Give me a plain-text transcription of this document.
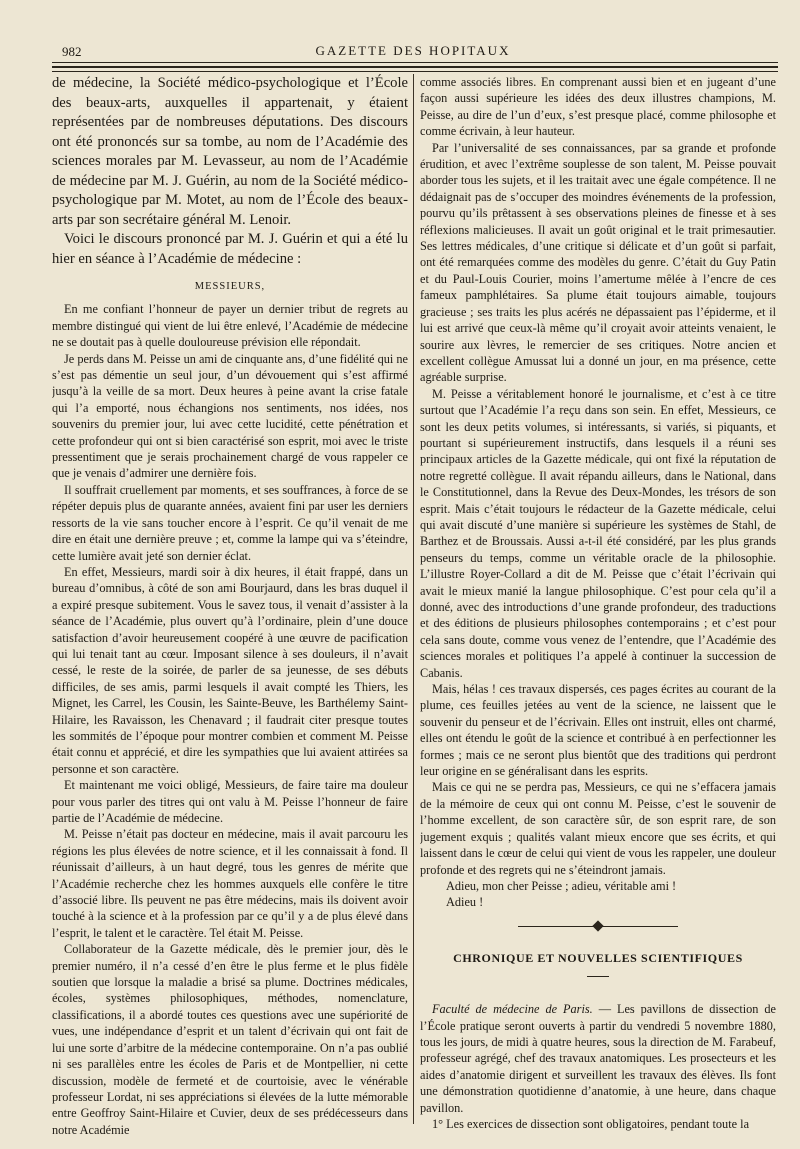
982	GAZETTE DES HOPITAUX

de médecine, la Société médico-psychologique et l’École des beaux-arts, auxquelles il appartenait, y étaient représentées par de nombreuses députations. Des discours ont été prononcés sur sa tombe, au nom de l’Académie des sciences morales par M. Levasseur, au nom de l’Académie de médecine par M. J. Guérin, au nom de la Société médico-psychologique par M. Motet, au nom de l’École des beaux-arts par son secrétaire général M. Lenoir.

Voici le discours prononcé par M. J. Guérin et qui a été lu hier en séance à l’Académie de médecine :

MESSIEURS,

En me confiant l’honneur de payer un dernier tribut de regrets au membre distingué qui vient de lui être enlevé, l’Académie de médecine ne se doutait pas à quelle douloureuse prévision elle répondait.

Je perds dans M. Peisse un ami de cinquante ans, d’une fidélité qui ne s’est pas démentie un seul jour, d’un dévouement qui s’est affirmé jusqu’à la veille de sa mort. Deux heures à peine avant la crise fatale qui l’a emporté, nous échangions nos sentiments, nos idées, nos souvenirs du premier jour, lui avec cette lucidité, cette pénétration et cette profondeur qui ont si bien caractérisé son esprit, moi avec le triste pressentiment que je serais prochainement chargé de vous rappeler ce que je venais d’admirer une dernière fois.

Il souffrait cruellement par moments, et ses souffrances, à force de se répéter depuis plus de quarante années, avaient fini par user les derniers ressorts de la vie sans toucher encore à l’esprit. Ce qu’il venait de me dire en était une dernière preuve ; et, comme la lampe qui va s’éteindre, cette lumière avait jeté son dernier éclat.

En effet, Messieurs, mardi soir à dix heures, il était frappé, dans un bureau d’omnibus, à côté de son ami Bourjaurd, dans les bras duquel il a expiré presque subitement. Vous le savez tous, il venait d’assister à la séance de l’Académie, plus ouvert qu’à l’ordinaire, plein d’une douce satisfaction d’avoir heureusement coopéré à une œuvre de pacification qui lui tenait tant au cœur. Imposant silence à ses douleurs, il n’avait cessé, le reste de la soirée, de parler de sa jeunesse, de ses débuts difficiles, de ses amis, parmi lesquels il avait compté les Thiers, les Mignet, les Carrel, les Cousin, les Sainte-Beuve, les Barthélemy Saint-Hilaire, les Ravaisson, les Chenavard ; il faudrait citer presque toutes les sommités de l’époque pour montrer combien et comment M. Peisse était connu et apprécié, et dire les sympathies que lui avaient attirées sa personne et son caractère.

Et maintenant me voici obligé, Messieurs, de faire taire ma douleur pour vous parler des titres qui ont valu à M. Peisse l’honneur de faire partie de l’Académie de médecine.

M. Peisse n’était pas docteur en médecine, mais il avait parcouru les régions les plus élevées de notre science, et il les connaissait à fond. Il réunissait d’ailleurs, à un haut degré, tous les genres de mérite que l’Académie recherche chez les hommes auxquels elle confère le titre d’associé libre. Ils peuvent ne pas être médecins, mais ils doivent avoir touché à la science et à la profession par ce qu’il y a de plus élevé dans l’esprit, le talent et le caractère. Tel était M. Peisse.

Collaborateur de la Gazette médicale, dès le premier jour, dès le premier numéro, il n’a cessé d’en être le plus ferme et le plus fidèle soutien que lorsque la maladie a brisé sa plume. Doctrines médicales, écoles, systèmes philosophiques, méthodes, nomenclature, classifications, il a abordé toutes ces questions avec une supériorité de vues, une indépendance d’esprit et un talent d’écrivain qui ont fait de lui une sorte d’arbitre de la médecine contemporaine. On n’a pas oublié ni ses parallèles entre les écoles de Paris et de Montpellier, ni cette discussion, modèle de fermeté et de courtoisie, avec le vénérable professeur Lordat, ni ses appréciations si élevées de la lutte mémorable entre Geoffroy Saint-Hilaire et Cuvier, deux de ses prédécesseurs dans notre Académie

comme associés libres. En comprenant aussi bien et en jugeant d’une façon aussi supérieure les idées des deux illustres champions, M. Peisse, au dire de l’un d’eux, s’est presque placé, comme philosophe et comme écrivain, à leur hauteur.

Par l’universalité de ses connaissances, par sa grande et profonde érudition, et avec l’extrême souplesse de son talent, M. Peisse pouvait aborder tous les sujets, et il les traitait avec une égale compétence. Il ne dédaignait pas de s’occuper des moindres événements de la profession, pourvu qu’ils prêtassent à ses observations pleines de finesse et à ses réflexions malicieuses. Il avait un goût original et le trait primesautier. Ses lettres médicales, d’une critique si délicate et d’un goût si parfait, ont été remarquées comme des modèles du genre. C’était du Guy Patin et du Paul-Louis Courier, moins l’amertume mêlée à l’encre de ces fameux pamphlétaires. Sa plume était toujours aimable, toujours gracieuse ; ses traits les plus acérés ne dépassaient pas l’épiderme, et il lui est arrivé que ceux-là même qu’il croyait avoir atteints venaient, le sourire aux lèvres, le remercier de ses critiques. Notre ancien et excellent collègue Amussat lui a donné un jour, en ma présence, cette agréable surprise.

M. Peisse a véritablement honoré le journalisme, et c’est à ce titre surtout que l’Académie l’a reçu dans son sein. En effet, Messieurs, ce sont les deux petits volumes, si intéressants, si variés, si piquants, et pourtant si supérieurement instructifs, dans lesquels il a réuni ses principaux articles de la Gazette médicale, qui ont fixé la réputation de notre regretté collègue. Il avait répandu ailleurs, dans le National, dans le Constitutionnel, dans la Revue des Deux-Mondes, les trésors de son esprit. Mais c’était toujours le rédacteur de la Gazette médicale, celui qui avait discuté d’une manière si supérieure les systèmes de Stahl, de Barthez et de Broussais. Aussi a-t-il été considéré, par les plus grands penseurs du temps, comme un véritable oracle de la philosophie. L’illustre Royer-Collard a dit de M. Peisse que c’était l’écrivain qui avait le mieux manié la langue philosophique. C’est pour cela qu’il a donné, avec des introductions d’une grande profondeur, des traductions et des éditions de plusieurs philosophes contemporains ; et c’est pour cela sans doute, comme vous venez de l’entendre, que l’Académie des sciences morales et politiques l’a appelé à continuer la succession de Cabanis.

Mais, hélas ! ces travaux dispersés, ces pages écrites au courant de la plume, ces feuilles jetées au vent de la science, ne laissent que le souvenir du penseur et de l’écrivain. Elles ont instruit, elles ont charmé, elles ont étendu le goût de la science et contribué à en perfectionner les formes ; mais ce ne seront plus bientôt que des traditions qui perdront leur origine en se généralisant dans les esprits.

Mais ce qui ne se perdra pas, Messieurs, ce qui ne s’effacera jamais de la mémoire de ceux qui ont connu M. Peisse, c’est le souvenir de l’homme excellent, de son caractère sûr, de son esprit rare, de son jugement exquis ; qualités valant mieux encore que ses écrits, et qui laissent dans le cœur de celui qui vient de vous les rappeler, une douleur profonde et des regrets qui ne s’éteindront jamais.

Adieu, mon cher Peisse ; adieu, véritable ami !

Adieu !

CHRONIQUE ET NOUVELLES SCIENTIFIQUES

Faculté de médecine de Paris. — Les pavillons de dissection de l’École pratique seront ouverts à partir du vendredi 5 novembre 1880, tous les jours, de midi à quatre heures, sous la direction de M. Farabeuf, professeur agrégé, chef des travaux anatomiques. Les prosecteurs et les aides d’anatomie dirigent et surveillent les travaux des élèves. Ils font une démonstration quotidienne d’anatomie, à une heure, dans chaque pavillon.

1° Les exercices de dissection sont obligatoires, pendant toute la
